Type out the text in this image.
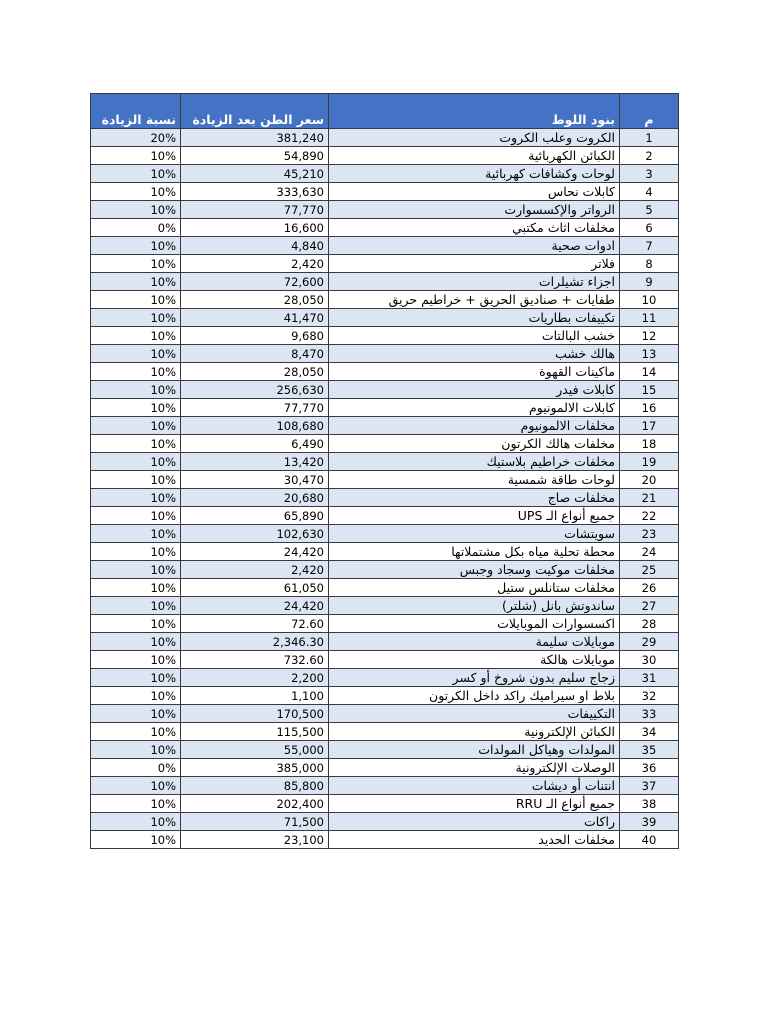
نسبة الزيادة	سعر الطن بعد الزيادة	بنود اللوط	م
20%	381,240	الكروت وعلب الكروت	1
10%	54,890	الكبائن الكهربائية	2
10%	45,210	لوحات وكشافات كهربائية	3
10%	333,630	كابلات نحاس	4
10%	77,770	الرواتر والإكسسوارت	5
0%	16,600	مخلفات اثاث مكتبي	6
10%	4,840	ادوات صحية	7
10%	2,420	فلاتر	8
10%	72,600	اجزاء تشيلرات	9
10%	28,050	طفايات + صناديق الحريق + خراطيم حريق	10
10%	41,470	تكييفات بطاريات	11
10%	9,680	خشب البالتات	12
10%	8,470	هالك خشب	13
10%	28,050	ماكينات القهوة	14
10%	256,630	كابلات فيدر	15
10%	77,770	كابلات الالمونيوم	16
10%	108,680	مخلفات الالمونيوم	17
10%	6,490	مخلفات هالك الكرتون	18
10%	13,420	مخلفات خراطيم بلاستيك	19
10%	30,470	لوحات طاقة شمسية	20
10%	20,680	مخلفات صاج	21
10%	65,890	جميع أنواع الـ UPS	22
10%	102,630	سويتشات	23
10%	24,420	محطة تحلية مياه بكل مشتملاتها	24
10%	2,420	مخلفات موكيت وسجاد وجبس	25
10%	61,050	مخلفات ستانلس ستيل	26
10%	24,420	ساندوتش بانل (شلتر)	27
10%	72.60	اكسسوارات الموبايلات	28
10%	2,346.30	موبايلات سليمة	29
10%	732.60	موبايلات هالكة	30
10%	2,200	زجاج سليم بدون شروخ أو كسر	31
10%	1,100	بلاط او سيراميك راكد داخل الكرتون	32
10%	170,500	التكييفات	33
10%	115,500	الكبائن الإلكترونية	34
10%	55,000	المولدات وهياكل المولدات	35
0%	385,000	الوصلات الإلكترونية	36
10%	85,800	انتنات أو ديشات	37
10%	202,400	جميع أنواع الـ RRU	38
10%	71,500	راكات	39
10%	23,100	مخلفات الحديد	40
